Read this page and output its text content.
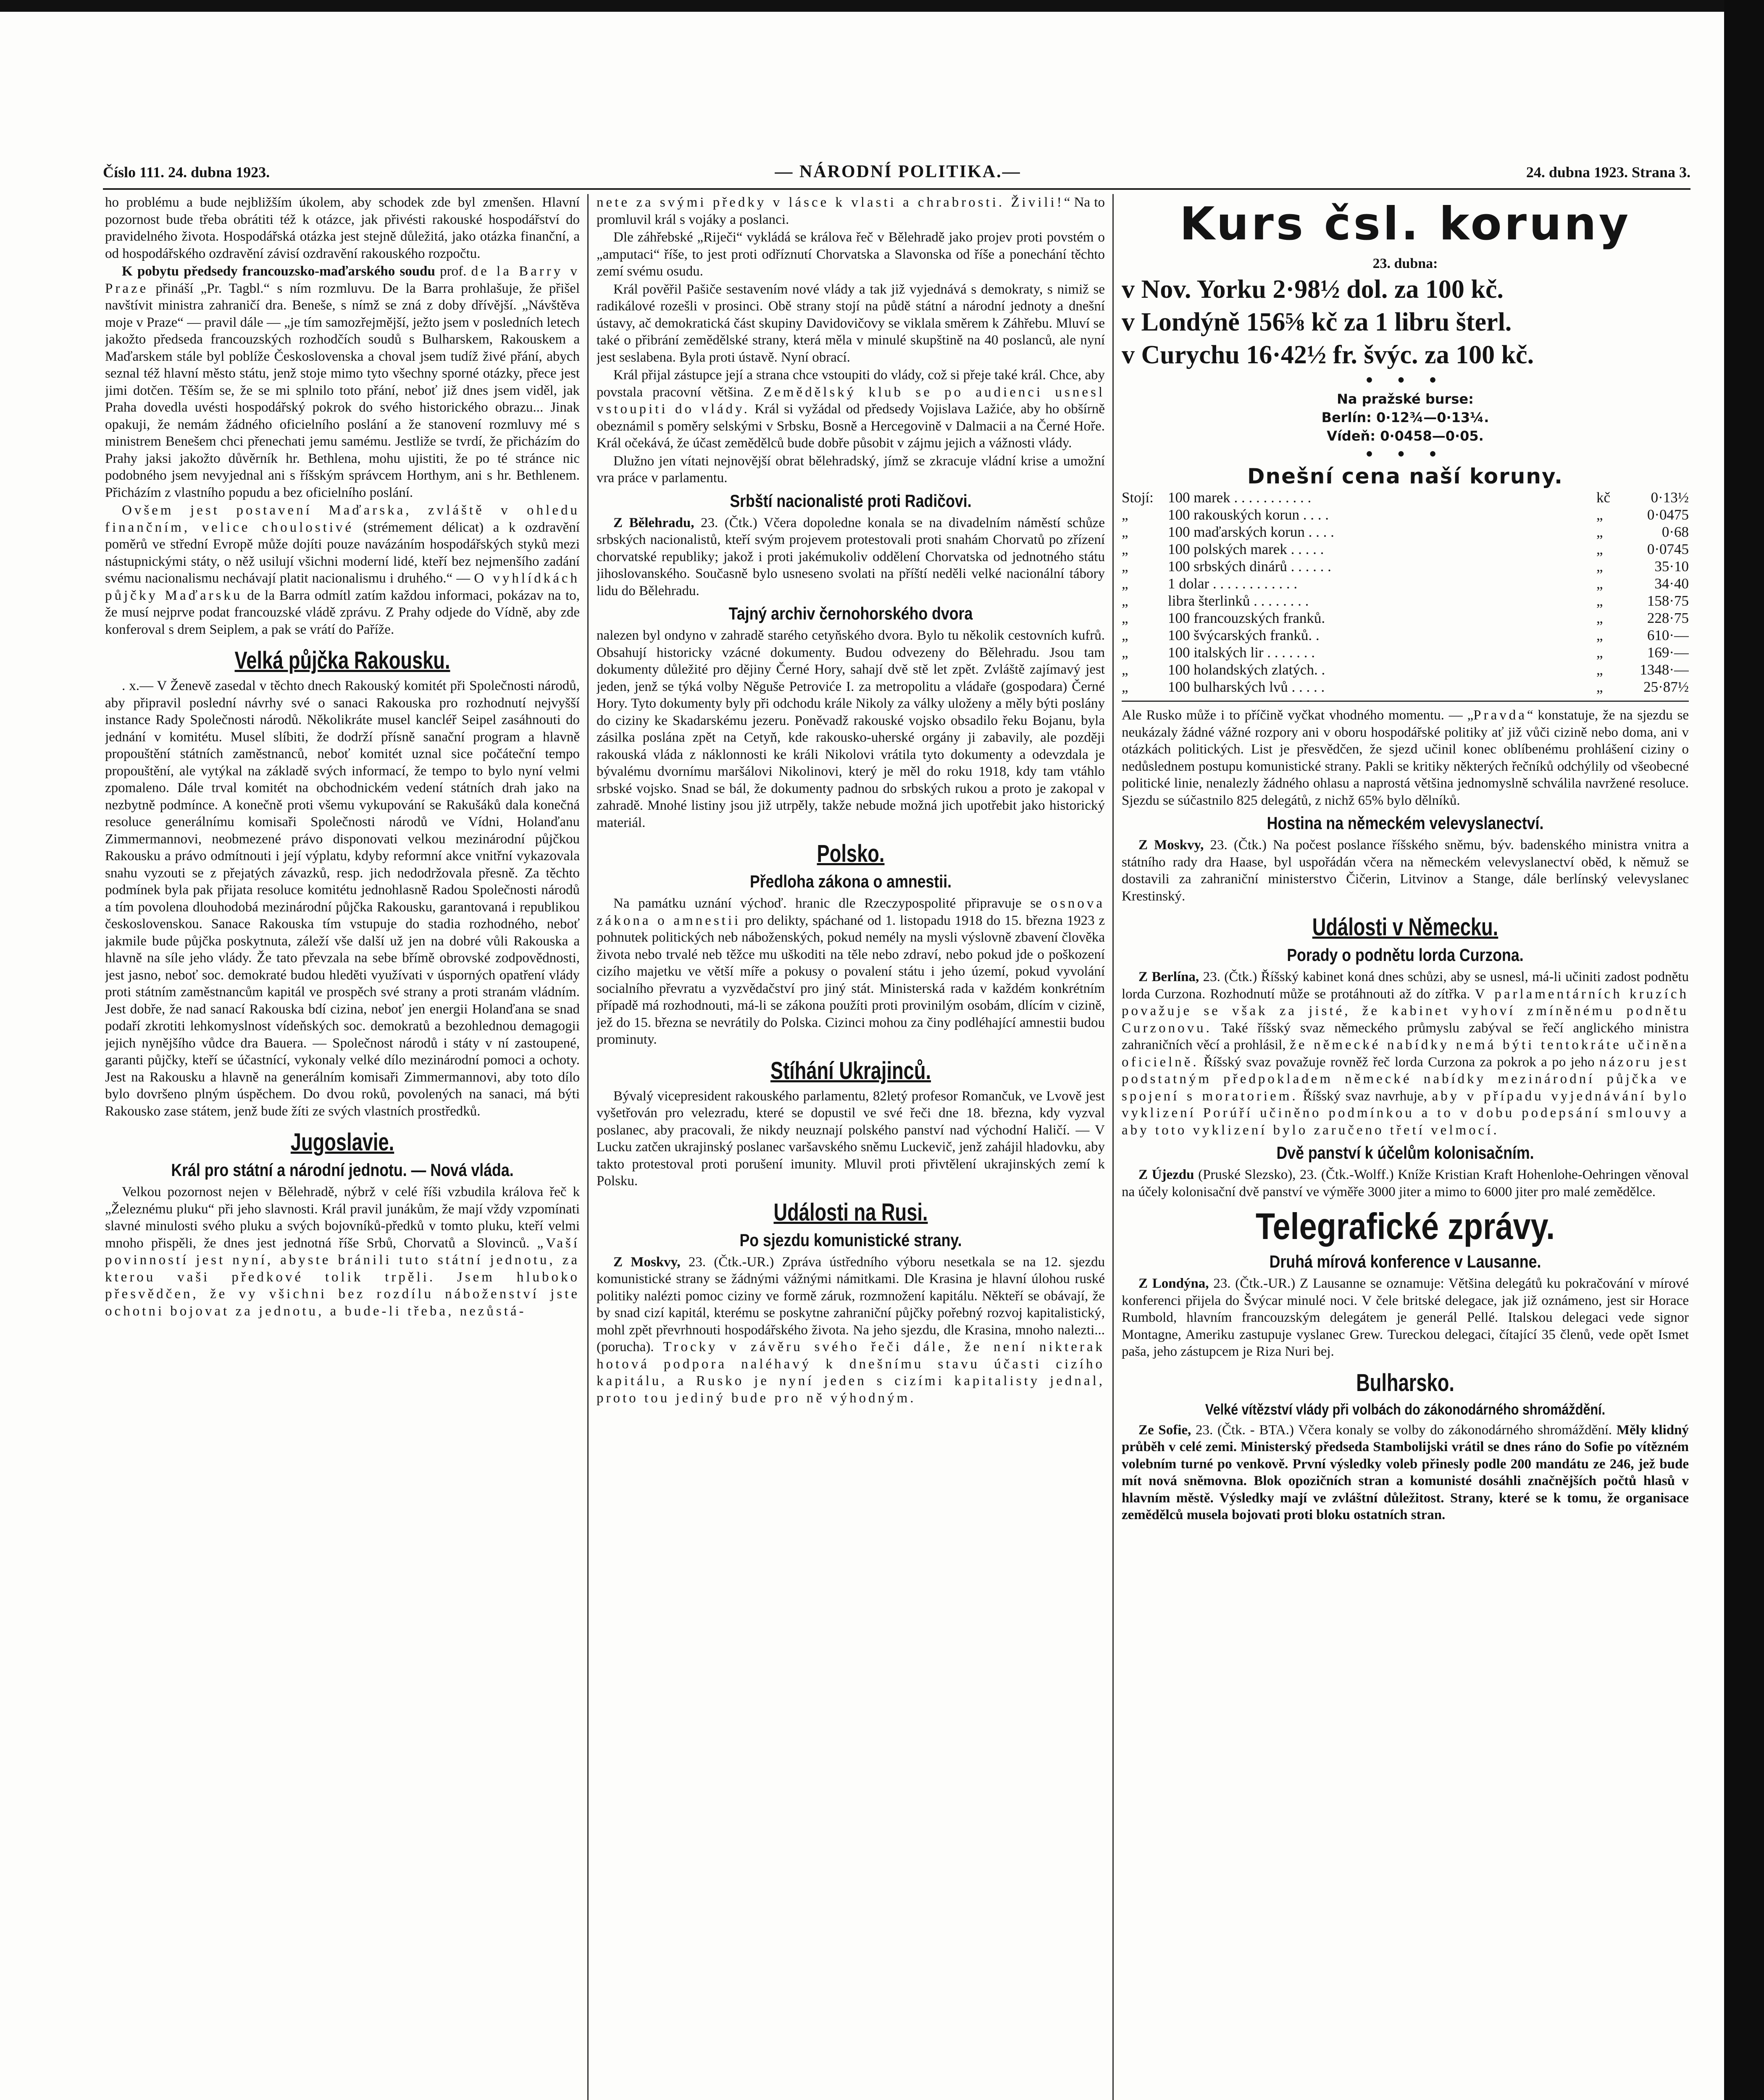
Číslo 111. 24. dubna 1923.	— NÁRODNÍ POLITIKA.—	24. dubna 1923. Strana 3.

ho problému a bude nejbližším úkolem, aby schodek zde byl zmenšen. Hlavní pozornost bude třeba obrátiti též k otázce, jak přivésti rakouské hospodářství do pravidelného života. Hospodářská otázka jest stejně důležitá, jako otázka finanční, a od hospodářského ozdravění závisí ozdravění rakouského rozpočtu.

K pobytu předsedy francouzsko-maďarského soudu prof. de la Barry v Praze přináší „Pr. Tagbl.“ s ním rozmluvu. De la Barra prohlašuje, že přišel navštívit ministra zahraničí dra. Beneše, s nímž se zná z doby dřívější. „Návštěva moje v Praze“ — pravil dále — „je tím samozřejmější, ježto jsem v posledních letech jakožto předseda francouzských rozhodčích soudů s Bulharskem, Rakouskem a Maďarskem stále byl poblíže Československa a choval jsem tudíž živé přání, abych seznal též hlavní město státu, jenž stoje mimo tyto všechny sporné otázky, přece jest jimi dotčen. Těším se, že se mi splnilo toto přání, neboť již dnes jsem viděl, jak Praha dovedla uvésti hospodářský pokrok do svého historického obrazu... Jinak opakuji, že nemám žádného oficielního poslání a že stanovení rozmluvy mé s ministrem Benešem chci přenechati jemu samému. Jestliže se tvrdí, že přicházím do Prahy jaksi jakožto důvěrník hr. Bethlena, mohu ujistiti, že po té stránce nic podobného jsem nevyjednal ani s říšským správcem Horthym, ani s hr. Bethlenem. Přicházím z vlastního popudu a bez oficielního poslání.

Ovšem jest postavení Maďarska, zvláště v ohledu finančním, velice choulostivé (strémement délicat) a k ozdravění poměrů ve střední Evropě může dojíti pouze navázáním hospodářských styků mezi nástupnickými státy, o něž usilují všichni moderní lidé, kteří bez nejmenšího zadání svému nacionalismu nechávají platit nacionalismu i druhého.“ — O vyhlídkách půjčky Maďarsku de la Barra odmítl zatím každou informaci, pokázav na to, že musí nejprve podat francouzské vládě zprávu. Z Prahy odjede do Vídně, aby zde konferoval s drem Seiplem, a pak se vrátí do Paříže.

Velká půjčka Rakousku.

. x.— V Ženevě zasedal v těchto dnech Rakouský komitét při Společnosti národů, aby připravil poslední návrhy své o sanaci Rakouska pro rozhodnutí nejvyšší instance Rady Společnosti národů. Několikráte musel kancléř Seipel zasáhnouti do jednání v komitétu. Musel slíbiti, že dodrží přísně sanační program a hlavně propouštění státních zaměstnanců, neboť komitét uznal sice počáteční tempo propouštění, ale vytýkal na základě svých informací, že tempo to bylo nyní velmi zpomaleno. Dále trval komitét na obchodnickém vedení státních drah jako na nezbytně podmínce. A konečně proti všemu vykupování se Rakušáků dala konečná resoluce generálnímu komisaři Společnosti národů ve Vídni, Holanďanu Zimmermannovi, neobmezené právo disponovati velkou mezinárodní půjčkou Rakousku a právo odmítnouti i její výplatu, kdyby reformní akce vnitřní vykazovala snahu vyzouti se z přejatých závazků, resp. jich nedodržovala přesně. Za těchto podmínek byla pak přijata resoluce komitétu jednohlasně Radou Společnosti národů a tím povolena dlouhodobá mezinárodní půjčka Rakousku, garantovaná i republikou československou. Sanace Rakouska tím vstupuje do stadia rozhodného, neboť jakmile bude půjčka poskytnuta, záleží vše další už jen na dobré vůli Rakouska a hlavně na síle jeho vlády. Že tato převzala na sebe břímě obrovské zodpovědnosti, jest jasno, neboť soc. demokraté budou hleděti využívati v úsporných opatření vlády proti státním zaměstnancům kapitál ve prospěch své strany a proti stranám vládním. Jest dobře, že nad sanací Rakouska bdí cizina, neboť jen energii Holanďana se snad podaří zkrotiti lehkomyslnost vídeňských soc. demokratů a bezohlednou demagogii jejich nynějšího vůdce dra Bauera. — Společnost národů i státy v ní zastoupené, garanti půjčky, kteří se účastnící, vykonaly velké dílo mezinárodní pomoci a ochoty. Jest na Rakousku a hlavně na generálním komisaři Zimmermannovi, aby toto dílo bylo dovršeno plným úspěchem. Do dvou roků, povolených na sanaci, má býti Rakousko zase státem, jenž bude žíti ze svých vlastních prostředků.

Jugoslavie.
Král pro státní a národní jednotu. — Nová vláda.

Velkou pozornost nejen v Bělehradě, nýbrž v celé říši vzbudila králova řeč k „Železnému pluku“ při jeho slavnosti. Král pravil junákům, že mají vždy vzpomínati slavné minulosti svého pluku a svých bojovníků-předků v tomto pluku, kteří velmi mnoho přispěli, že dnes jest jednotná říše Srbů, Chorvatů a Slovinců. „Vaší povinností jest nyní, abyste bránili tuto státní jednotu, za kterou vaši předkové tolik trpěli. Jsem hluboko přesvědčen, že vy všichni bez rozdílu náboženství jste ochotni bojovat za jednotu, a bude-li třeba, nezůstá-

nete za svými předky v lásce k vlasti a chrabrosti. Živili!“ Na to promluvil král s vojáky a poslanci.

Dle záhřebské „Riječi“ vykládá se králova řeč v Bělehradě jako projev proti povstém o „amputaci“ říše, to jest proti odříznutí Chorvatska a Slavonska od říše a ponechání těchto zemí svému osudu.

Král pověřil Pašiče sestavením nové vlády a tak již vyjednává s demokraty, s nimiž se radikálové rozešli v prosinci. Obě strany stojí na půdě státní a národní jednoty a dnešní ústavy, ač demokratická část skupiny Davidovičovy se viklala směrem k Záhřebu. Mluví se také o přibrání zemědělské strany, která měla v minulé skupštině na 40 poslanců, ale nyní jest seslabena. Byla proti ústavě. Nyní obrací.

Král přijal zástupce její a strana chce vstoupiti do vlády, což si přeje také král. Chce, aby povstala pracovní většina. Zemědělský klub se po audienci usnesl vstoupiti do vlády. Král si vyžádal od předsedy Vojislava Lažiće, aby ho obšírně obeznámil s poměry selskými v Srbsku, Bosně a Hercegovině v Dalmacii a na Černé Hoře. Král očekává, že účast zemědělců bude dobře působit v zájmu jejich a vážnosti vlády.

Dlužno jen vítati nejnovější obrat bělehradský, jímž se zkracuje vládní krise a umožní vra práce v parlamentu.

Srbští nacionalisté proti Radičovi.

Z Bělehradu, 23. (Čtk.) Včera dopoledne konala se na divadelním náměstí schůze srbských nacionalistů, kteří svým projevem protestovali proti snahám Chorvatů po zřízení chorvatské republiky; jakož i proti jakémukoliv oddělení Chorvatska od jednotného státu jihoslovanského. Současně bylo usneseno svolati na příští neděli velké nacionální tábory lidu do Bělehradu.

Tajný archiv černohorského dvora

nalezen byl ondyno v zahradě starého cetyňského dvora. Bylo tu několik cestovních kufrů. Obsahují historicky vzácné dokumenty. Budou odvezeny do Bělehradu. Jsou tam dokumenty důležité pro dějiny Černé Hory, sahají dvě stě let zpět. Zvláště zajímavý jest jeden, jenž se týká volby Něguše Petroviće I. za metropolitu a vládaře (gospodara) Černé Hory. Tyto dokumenty byly při odchodu krále Nikoly za války uloženy a měly býti poslány do ciziny ke Skadarskému jezeru. Poněvadž rakouské vojsko obsadilo řeku Bojanu, byla zásilka poslána zpět na Cetyň, kde rakousko-uherské orgány ji zabavily, ale později rakouská vláda z náklonnosti ke králi Nikolovi vrátila tyto dokumenty a odevzdala je bývalému dvornímu maršálovi Nikolinovi, který je měl do roku 1918, kdy tam vtáhlo srbské vojsko. Snad se bál, že dokumenty padnou do srbských rukou a proto je zakopal v zahradě. Mnohé listiny jsou již utrpěly, takže nebude možná jich upotřebit jako historický materiál.

Polsko.
Předloha zákona o amnestii.

Na památku uznání výchoď. hranic dle Rzeczypospolité připravuje se osnova zákona o amnestii pro delikty, spáchané od 1. listopadu 1918 do 15. března 1923 z pohnutek politických neb náboženských, pokud nemély na mysli výslovně zbavení člověka života nebo trvalé neb těžce mu uškoditi na těle nebo zdraví, nebo pokud jde o poškození cizího majetku ve větší míře a pokusy o povalení státu i jeho území, pokud vyvolání socialního převratu a vyzvědačství pro jiný stát. Ministerská rada v každém konkrétním případě má rozhodnouti, má-li se zákona použíti proti provinilým osobám, dlícím v cizině, jež do 15. března se nevrátily do Polska. Cizinci mohou za činy podléhající amnestii budou prominuty.

Stíhání Ukrajinců.

Bývalý vicepresident rakouského parlamentu, 82letý profesor Romančuk, ve Lvově jest vyšetřován pro velezradu, které se dopustil ve své řeči dne 18. března, kdy vyzval poslanec, aby pracovali, že nikdy neuznají polského panství nad východní Haličí. — V Lucku zatčen ukrajinský poslanec varšavského sněmu Luckevič, jenž zahájil hladovku, aby takto protestoval proti porušení imunity. Mluvil proti přivtělení ukrajinských zemí k Polsku.

Události na Rusi.
Po sjezdu komunistické strany.

Z Moskvy, 23. (Čtk.-UR.) Zpráva ústředního výboru nesetkala se na 12. sjezdu komunistické strany se žádnými vážnými námitkami. Dle Krasina je hlavní úlohou ruské politiky nalézti pomoc ciziny ve formě záruk, rozmnožení kapitálu. Někteří se obávají, že by snad cizí kapitál, kterému se poskytne zahraniční půjčky pořebný rozvoj kapitalistický, mohl zpět převrhnouti hospodářského života. Na jeho sjezdu, dle Krasina, mnoho nalezti... (porucha). Trocky v závěru svého řeči dále, že není nikterak hotová podpora naléhavý k dnešnímu stavu účasti cizího kapitálu, a Rusko je nyní jeden s cizími kapitalisty jednal, proto tou jediný bude pro ně výhodným.

Kurs čsl. koruny
23. dubna:
v Nov. Yorku 2·98½ dol. za 100 kč.
v Londýně 156⅝ kč za 1 libru šterl.
v Curychu 16·42½ fr. švýc. za 100 kč.
• • •
Na pražské burse:
Berlín: 0·12¾—0·13¼.
Vídeň: 0·0458—0·05.
• • •
Dnešní cena naší koruny.
Stojí: 100 marek . . . . . . . . . . .	kč	0·13½
„	100 rakouských korun . . . .	„	0·0475
„	100 maďarských korun . . . .	„	0·68
„	100 polských marek . . . . .	„	0·0745
„	100 srbských dinárů . . . . . .	„	35·10
„	1 dolar . . . . . . . . . . . .	„	34·40
„	libra šterlinků . . . . . . . .	„	158·75
„	100 francouzských franků.	„	228·75
„	100 švýcarských franků. .	„	610·—
„	100 italských lir . . . . . . .	„	169·—
„	100 holandských zlatých. .	„	1348·—
„	100 bulharských lvů . . . . .	„	25·87½

Ale Rusko může i to příčině vyčkat vhodného momentu. — „Pravda“ konstatuje, že na sjezdu se neukázaly žádné vážné rozpory ani v oboru hospodářské politiky ať již vůči cizině nebo doma, ani v otázkách politických. List je přesvědčen, že sjezd učinil konec oblíbenému prohlášení ciziny o nedůslednem postupu komunistické strany. Pakli se kritiky některých řečníků odchýlily od všeobecné politické linie, nenalezly žádného ohlasu a naprostá většina jednomyslně schválila navržené resoluce. Sjezdu se súčastnilo 825 delegátů, z nichž 65% bylo dělníků.

Hostina na německém velevyslanectví.

Z Moskvy, 23. (Čtk.) Na počest poslance říšského sněmu, býv. badenského ministra vnitra a státního rady dra Haase, byl uspořádán včera na německém velevyslanectví oběd, k němuž se dostavili za zahraniční ministerstvo Čičerin, Litvinov a Stange, dále berlínský velevyslanec Krestinský.

Události v Německu.
Porady o podnětu lorda Curzona.

Z Berlína, 23. (Čtk.) Říšský kabinet koná dnes schůzi, aby se usnesl, má-li učiniti zadost podnětu lorda Curzona. Rozhodnutí může se protáhnouti až do zítřka. V parlamentárních kruzích považuje se však za jisté, že kabinet vyhoví zmíněnému podnětu Curzonovu. Také říšský svaz německého průmyslu zabýval se řečí anglického ministra zahraničních věcí a prohlásil, že německé nabídky nemá býti tentokráte učiněna oficielně. Říšský svaz považuje rovněž řeč lorda Curzona za pokrok a po jeho názoru jest podstatným předpokladem německé nabídky mezinárodní půjčka ve spojení s moratoriem. Říšský svaz navrhuje, aby v případu vyjednávání bylo vyklizení Porúří učiněno podmínkou a to v dobu podepsání smlouvy a aby toto vyklizení bylo zaručeno třetí velmocí.

Dvě panství k účelům kolonisačním.

Z Újezdu (Pruské Slezsko), 23. (Čtk.-Wolff.) Kníže Kristian Kraft Hohenlohe-Oehringen věnoval na účely kolonisační dvě panství ve výměře 3000 jiter a mimo to 6000 jiter pro malé zemědělce.

Telegrafické zprávy.
Druhá mírová konference v Lausanne.

Z Londýna, 23. (Čtk.-UR.) Z Lausanne se oznamuje: Většina delegátů ku pokračování v mírové konferenci přijela do Švýcar minulé noci. V čele britské delegace, jak již oznámeno, jest sir Horace Rumbold, hlavním francouzským delegátem je generál Pellé. Italskou delegaci vede signor Montagne, Ameriku zastupuje vyslanec Grew. Tureckou delegaci, čítající 35 členů, vede opět Ismet paša, jeho zástupcem je Riza Nuri bej.

Bulharsko.
Velké vítězství vlády při volbách do zákonodárného shromáždění.

Ze Sofie, 23. (Čtk. - BTA.) Včera konaly se volby do zákonodárného shromáždění. Měly klidný průběh v celé zemi. Ministerský předseda Stambolijski vrátil se dnes ráno do Sofie po vítězném volebním turné po venkově. První výsledky voleb přinesly podle 200 mandátu ze 246, jež bude mít nová sněmovna. Blok opozičních stran a komunisté dosáhli značnějších počtů hlasů v hlavním městě. Výsledky mají ve zvláštní důležitost. Strany, které se k tomu, že organisace zemědělců musela bojovati proti bloku ostatních stran.
